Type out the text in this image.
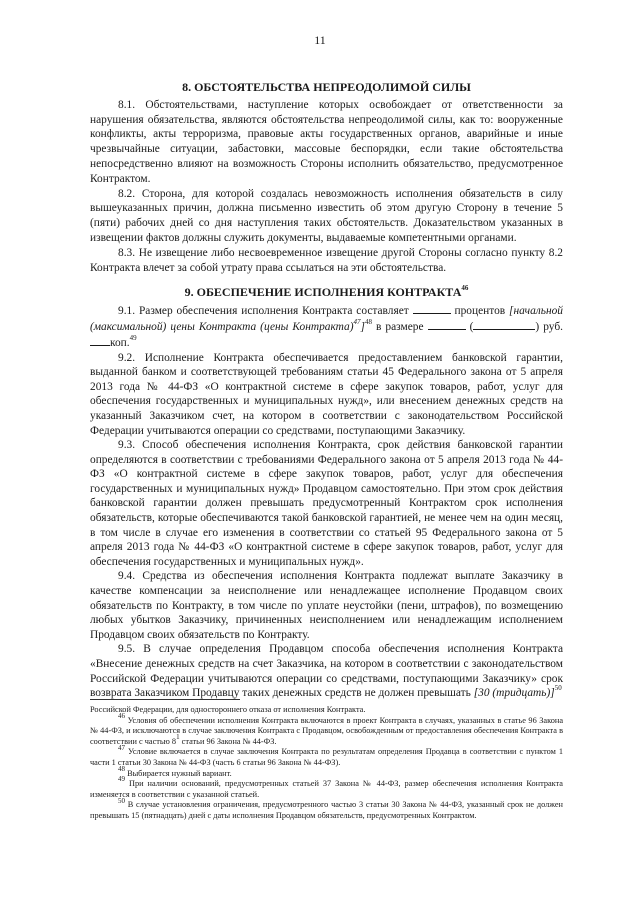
11
8. ОБСТОЯТЕЛЬСТВА НЕПРЕОДОЛИМОЙ СИЛЫ

8.1. Обстоятельствами, наступление которых освобождает от ответственности за нарушения обязательства, являются обстоятельства непреодолимой силы, как то: вооруженные конфликты, акты терроризма, правовые акты государственных органов, аварийные и иные чрезвычайные ситуации, забастовки, массовые беспорядки, если такие обстоятельства непосредственно влияют на возможность Стороны исполнить обязательство, предусмотренное Контрактом.

8.2. Сторона, для которой создалась невозможность исполнения обязательств в силу вышеуказанных причин, должна письменно известить об этом другую Сторону в течение 5 (пяти) рабочих дней со дня наступления таких обстоятельств. Доказательством указанных в извещении фактов должны служить документы, выдаваемые компетентными органами.

8.3. Не извещение либо несвоевременное извещение другой Стороны согласно пункту 8.2 Контракта влечет за собой утрату права ссылаться на эти обстоятельства.

9. ОБЕСПЕЧЕНИЕ ИСПОЛНЕНИЯ КОНТРАКТА$^{46}$

9.1. Размер обеспечения исполнения Контракта составляет	процентов [начальной (максимальной) цены Контракта (цены Контракта)$^{47}$]$^{48}$ в размере	(	) руб. коп.$^{49}$

9.2. Исполнение Контракта обеспечивается предоставлением банковской гарантии, выданной банком и соответствующей требованиям статьи 45 Федерального закона от 5 апреля 2013 года № 44-ФЗ «О контрактной системе в сфере закупок товаров, работ, услуг для обеспечения государственных и муниципальных нужд», или внесением денежных средств на указанный Заказчиком счет, на котором в соответствии с законодательством Российской Федерации учитываются операции со средствами, поступающими Заказчику.

9.3. Способ обеспечения исполнения Контракта, срок действия банковской гарантии определяются в соответствии с требованиями Федерального закона от 5 апреля 2013 года № 44-ФЗ «О контрактной системе в сфере закупок товаров, работ, услуг для обеспечения государственных и муниципальных нужд» Продавцом самостоятельно. При этом срок действия банковской гарантии должен превышать предусмотренный Контрактом срок исполнения обязательств, которые обеспечиваются такой банковской гарантией, не менее чем на один месяц, в том числе в случае его изменения в соответствии со статьей 95 Федерального закона от 5 апреля 2013 года № 44-ФЗ «О контрактной системе в сфере закупок товаров, работ, услуг для обеспечения государственных и муниципальных нужд».

9.4. Средства из обеспечения исполнения Контракта подлежат выплате Заказчику в качестве компенсации за неисполнение или ненадлежащее исполнение Продавцом своих обязательств по Контракту, в том числе по уплате неустойки (пени, штрафов), по возмещению любых убытков Заказчику, причиненных неисполнением или ненадлежащим исполнением Продавцом своих обязательств по Контракту.

9.5. В случае определения Продавцом способа обеспечения исполнения Контракта «Внесение денежных средств на счет Заказчика, на котором в соответствии с законодательством Российской Федерации учитываются операции со средствами, поступающими Заказчику» срок возврата Заказчиком Продавцу таких денежных средств не должен превышать [30 (тридцать)]$^{50}$

Российской Федерации, для одностороннего отказа от исполнения Контракта.

$^{46}$ Условия об обеспечении исполнения Контракта включаются в проект Контракта в случаях, указанных в статье 96 Закона № 44-ФЗ, и исключаются в случае заключения Контракта с Продавцом, освобожденным от предоставления обеспечения Контракта в соответствии с частью $8^1$ статьи 96 Закона № 44-ФЗ.

$^{47}$ Условие включается в случае заключения Контракта по результатам определения Продавца в соответствии с пунктом 1 части 1 статьи 30 Закона № 44-ФЗ (часть 6 статьи 96 Закона № 44-ФЗ).

$^{48}$ Выбирается нужный вариант.

$^{49}$ При наличии оснований, предусмотренных статьей 37 Закона № 44-ФЗ, размер обеспечения исполнения Контракта изменяется в соответствии с указанной статьей.

$^{50}$ В случае установления ограничения, предусмотренного частью 3 статьи 30 Закона № 44-ФЗ, указанный срок не должен превышать 15 (пятнадцать) дней с даты исполнения Продавцом обязательств, предусмотренных Контрактом.
